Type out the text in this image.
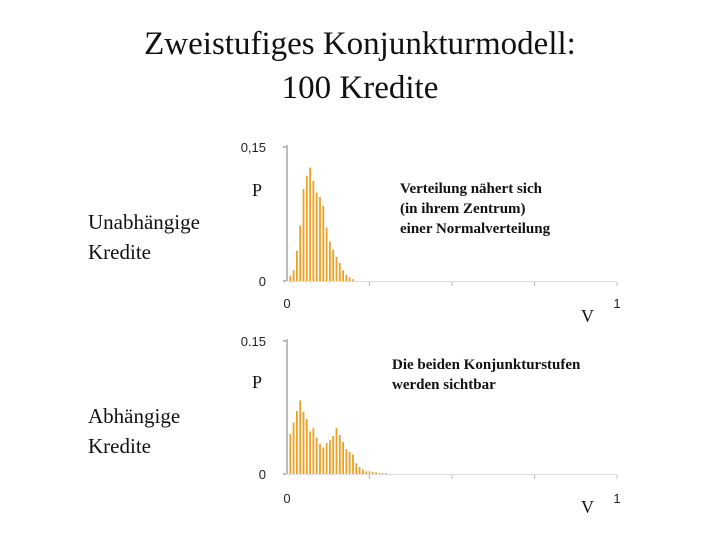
Zweistufiges Konjunkturmodell:
100 Kredite
Unabhängige
Kredite
P
V
Verteilung nähert sich
(in ihrem Zentrum)
einer Normalverteilung
0
0,15
0	1
Abhängige
Kredite
P
V
Die beiden Konjunkturstufen
werden sichtbar
0
0.15
0	1
